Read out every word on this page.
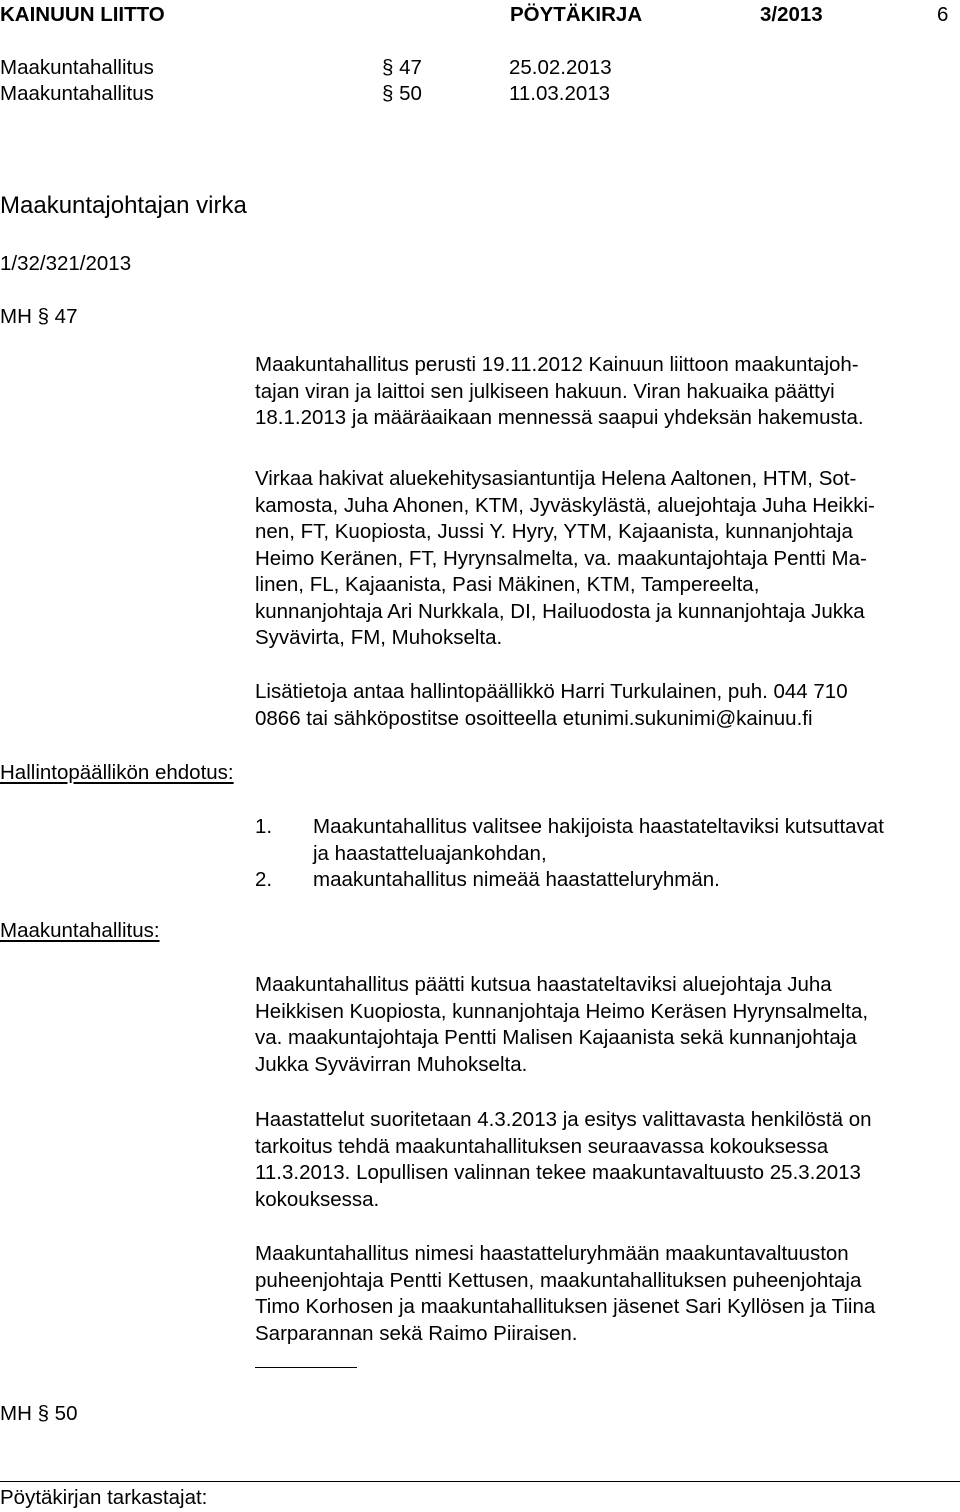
KAINUUN LIITTO	PÖYTÄKIRJA	3/2013	6
Maakuntahallitus	§ 47	25.02.2013
Maakuntahallitus	§ 50	11.03.2013
Maakuntajohtajan virka
1/32/321/2013
MH § 47
Maakuntahallitus perusti 19.11.2012 Kainuun liittoon maakuntajoh-
tajan viran ja laittoi sen julkiseen hakuun. Viran hakuaika päättyi
18.1.2013 ja määräaikaan mennessä saapui yhdeksän hakemusta.
Virkaa hakivat aluekehitysasiantuntija Helena Aaltonen, HTM, Sot-
kamosta, Juha Ahonen, KTM, Jyväskylästä, aluejohtaja Juha Heikki-
nen, FT, Kuopiosta, Jussi Y. Hyry, YTM, Kajaanista, kunnanjohtaja
Heimo Keränen, FT, Hyrynsalmelta, va. maakuntajohtaja Pentti Ma-
linen, FL, Kajaanista, Pasi Mäkinen, KTM, Tampereelta,
kunnanjohtaja Ari Nurkkala, DI, Hailuodosta ja kunnanjohtaja Jukka
Syvävirta, FM, Muhokselta.
Lisätietoja antaa hallintopäällikkö Harri Turkulainen, puh. 044 710
0866 tai sähköpostitse osoitteella etunimi.sukunimi@kainuu.fi
Hallintopäällikön ehdotus:
1. Maakuntahallitus valitsee hakijoista haastateltaviksi kutsuttavat
ja haastatteluajankohdan,
2. maakuntahallitus nimeää haastatteluryhmän.
Maakuntahallitus:
Maakuntahallitus päätti kutsua haastateltaviksi aluejohtaja Juha
Heikkisen Kuopiosta, kunnanjohtaja Heimo Keräsen Hyrynsalmelta,
va. maakuntajohtaja Pentti Malisen Kajaanista sekä kunnanjohtaja
Jukka Syvävirran Muhokselta.
Haastattelut suoritetaan 4.3.2013 ja esitys valittavasta henkilöstä on
tarkoitus tehdä maakuntahallituksen seuraavassa kokouksessa
11.3.2013. Lopullisen valinnan tekee maakuntavaltuusto 25.3.2013
kokouksessa.
Maakuntahallitus nimesi haastatteluryhmään maakuntavaltuuston
puheenjohtaja Pentti Kettusen, maakuntahallituksen puheenjohtaja
Timo Korhosen ja maakuntahallituksen jäsenet Sari Kyllösen ja Tiina
Sarparannan sekä Raimo Piiraisen.
MH § 50
Pöytäkirjan tarkastajat:
